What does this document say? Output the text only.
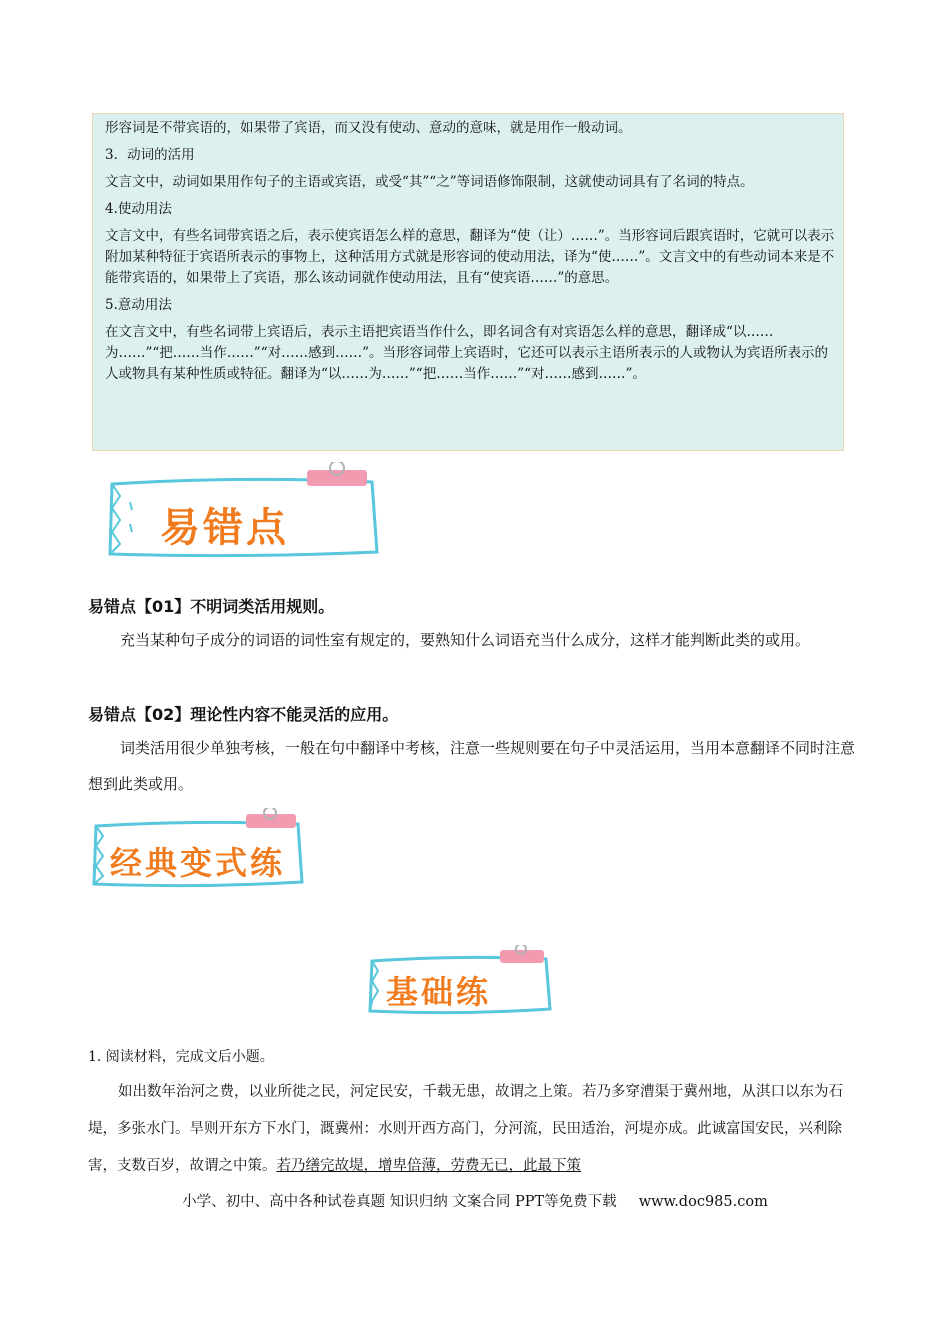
形容词是不带宾语的，如果带了宾语，而又没有使动、意动的意味，就是用作一般动词。

3．动词的活用

文言文中，动词如果用作句子的主语或宾语，或受“其”“之”等词语修饰限制，这就使动词具有了名词的特点。

4.使动用法

文言文中，有些名词带宾语之后，表示使宾语怎么样的意思，翻译为“使（让）……”。当形容词后跟宾语时，它就可以表示附加某种特征于宾语所表示的事物上，这种活用方式就是形容词的使动用法，译为“使……”。文言文中的有些动词本来是不能带宾语的，如果带上了宾语，那么该动词就作使动用法，且有“使宾语……”的意思。

5.意动用法

在文言文中，有些名词带上宾语后，表示主语把宾语当作什么，即名词含有对宾语怎么样的意思，翻译成“以……为……”“把……当作……”“对……感到……”。当形容词带上宾语时，它还可以表示主语所表示的人或物认为宾语所表示的人或物具有某种性质或特征。翻译为“以……为……”“把……当作……”“对……感到……”。

易错点
易错点【01】不明词类活用规则。

充当某种句子成分的词语的词性室有规定的，要熟知什么词语充当什么成分，这样才能判断此类的或用。

易错点【02】理论性内容不能灵活的应用。

词类活用很少单独考核，一般在句中翻译中考核，注意一些规则要在句子中灵活运用，当用本意翻译不同时注意想到此类或用。

经典变式练
基础练
1. 阅读材料，完成文后小题。

如出数年治河之费，以业所徙之民，河定民安，千载无患，故谓之上策。若乃多穿漕渠于冀州地，从淇口以东为石堤，多张水门。旱则开东方下水门，溉冀州：水则开西方高门，分河流，民田适治，河堤亦成。此诚富国安民，兴利除害，支数百岁，故谓之中策。若乃缮完故堤，增卑倍薄，劳费无已，此最下策

小学、初中、高中各种试卷真题 知识归纳 文案合同 PPT等免费下载 www.doc985.com
